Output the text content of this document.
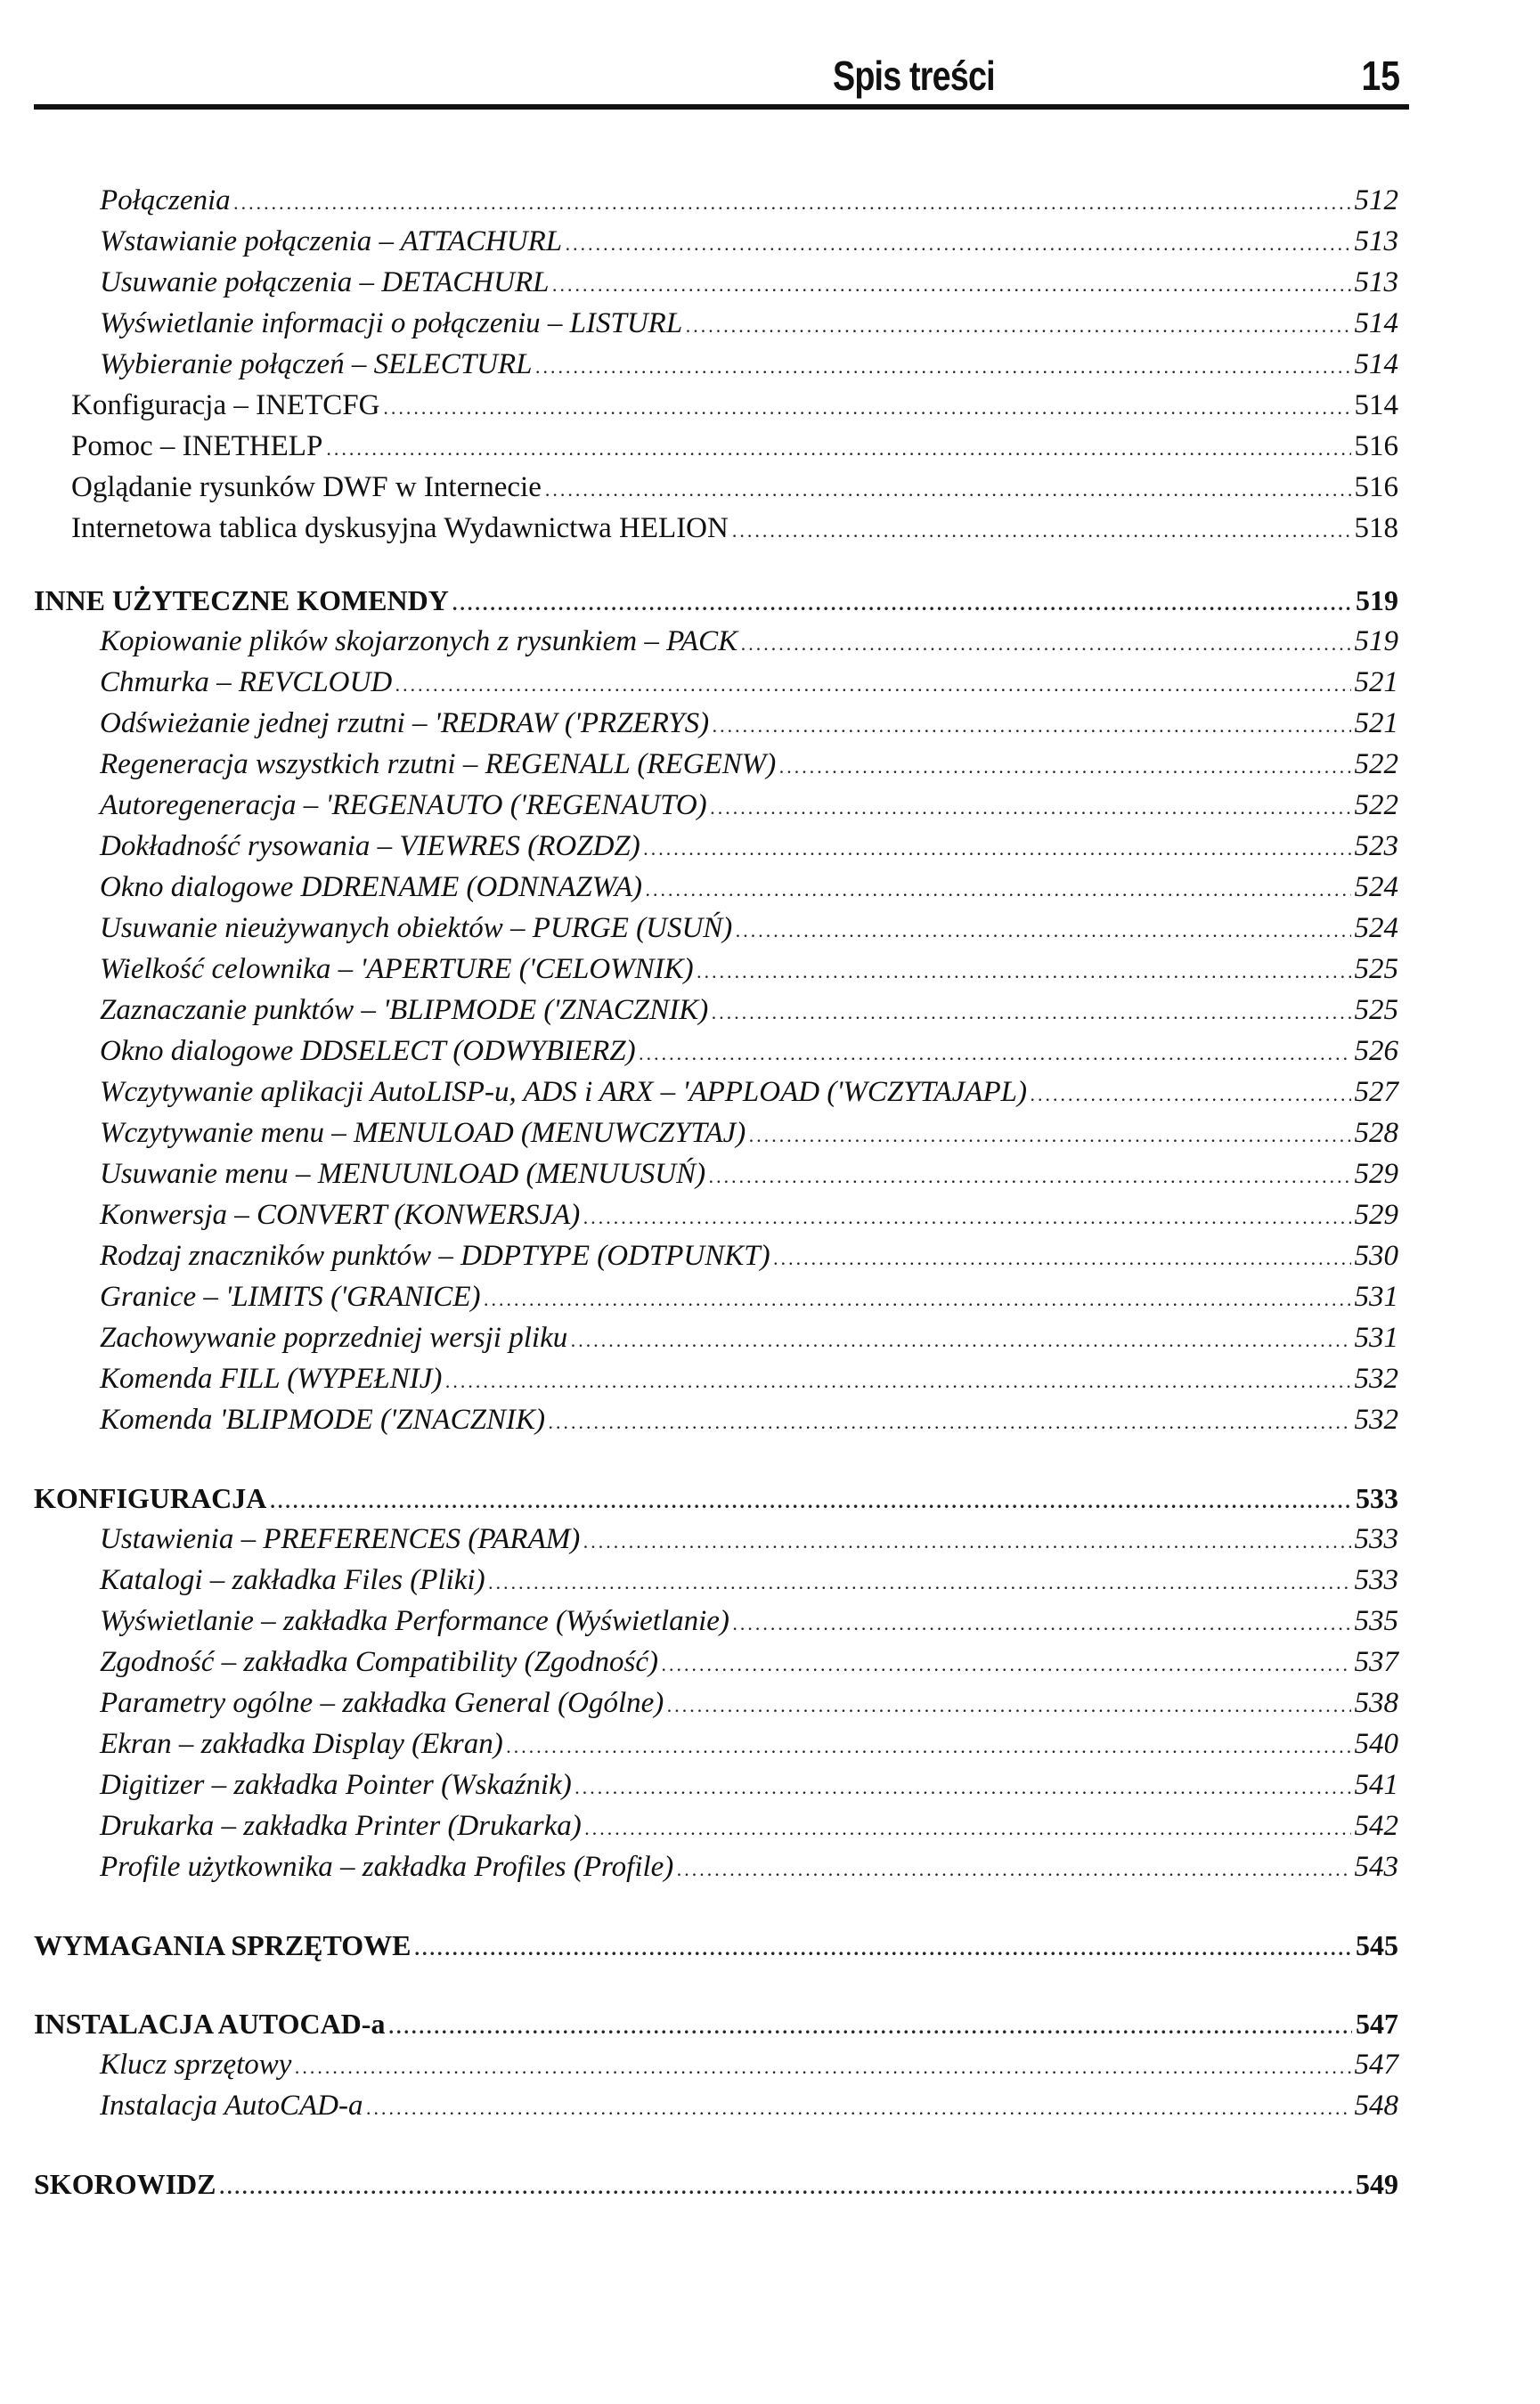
Spis treści	15
Połączenia .....	512
Wstawianie połączenia – ATTACHURL .....	513
Usuwanie połączenia – DETACHURL .....	513
Wyświetlanie informacji o połączeniu – LISTURL .....	514
Wybieranie połączeń – SELECTURL .....	514
Konfiguracja – INETCFG .....	514
Pomoc – INETHELP .....	516
Oglądanie rysunków DWF w Internecie .....	516
Internetowa tablica dyskusyjna Wydawnictwa HELION .....	518
INNE UŻYTECZNE KOMENDY .....	519
Kopiowanie plików skojarzonych z rysunkiem – PACK .....	519
Chmurka – REVCLOUD .....	521
Odświeżanie jednej rzutni – 'REDRAW ('PRZERYS) .....	521
Regeneracja wszystkich rzutni – REGENALL (REGENW) .....	522
Autoregeneracja – 'REGENAUTO ('REGENAUTO) .....	522
Dokładność rysowania – VIEWRES (ROZDZ) .....	523
Okno dialogowe DDRENAME (ODNNAZWA) .....	524
Usuwanie nieużywanych obiektów – PURGE (USUŃ) .....	524
Wielkość celownika – 'APERTURE ('CELOWNIK) .....	525
Zaznaczanie punktów – 'BLIPMODE ('ZNACZNIK) .....	525
Okno dialogowe DDSELECT (ODWYBIERZ) .....	526
Wczytywanie aplikacji AutoLISP-u, ADS i ARX – 'APPLOAD ('WCZYTAJAPL) .....	527
Wczytywanie menu – MENULOAD (MENUWCZYTAJ) .....	528
Usuwanie menu – MENUUNLOAD (MENUUSUŃ) .....	529
Konwersja – CONVERT (KONWERSJA) .....	529
Rodzaj znaczników punktów – DDPTYPE (ODTPUNKT) .....	530
Granice – 'LIMITS ('GRANICE) .....	531
Zachowywanie poprzedniej wersji pliku .....	531
Komenda FILL (WYPEŁNIJ) .....	532
Komenda 'BLIPMODE ('ZNACZNIK) .....	532
KONFIGURACJA .....	533
Ustawienia – PREFERENCES (PARAM) .....	533
Katalogi – zakładka Files (Pliki) .....	533
Wyświetlanie – zakładka Performance (Wyświetlanie) .....	535
Zgodność – zakładka Compatibility (Zgodność) .....	537
Parametry ogólne – zakładka General (Ogólne) .....	538
Ekran – zakładka Display (Ekran) .....	540
Digitizer – zakładka Pointer (Wskaźnik) .....	541
Drukarka – zakładka Printer (Drukarka) .....	542
Profile użytkownika – zakładka Profiles (Profile) .....	543
WYMAGANIA SPRZĘTOWE .....	545
INSTALACJA AUTOCAD-a .....	547
Klucz sprzętowy .....	547
Instalacja AutoCAD-a .....	548
SKOROWIDZ .....	549
